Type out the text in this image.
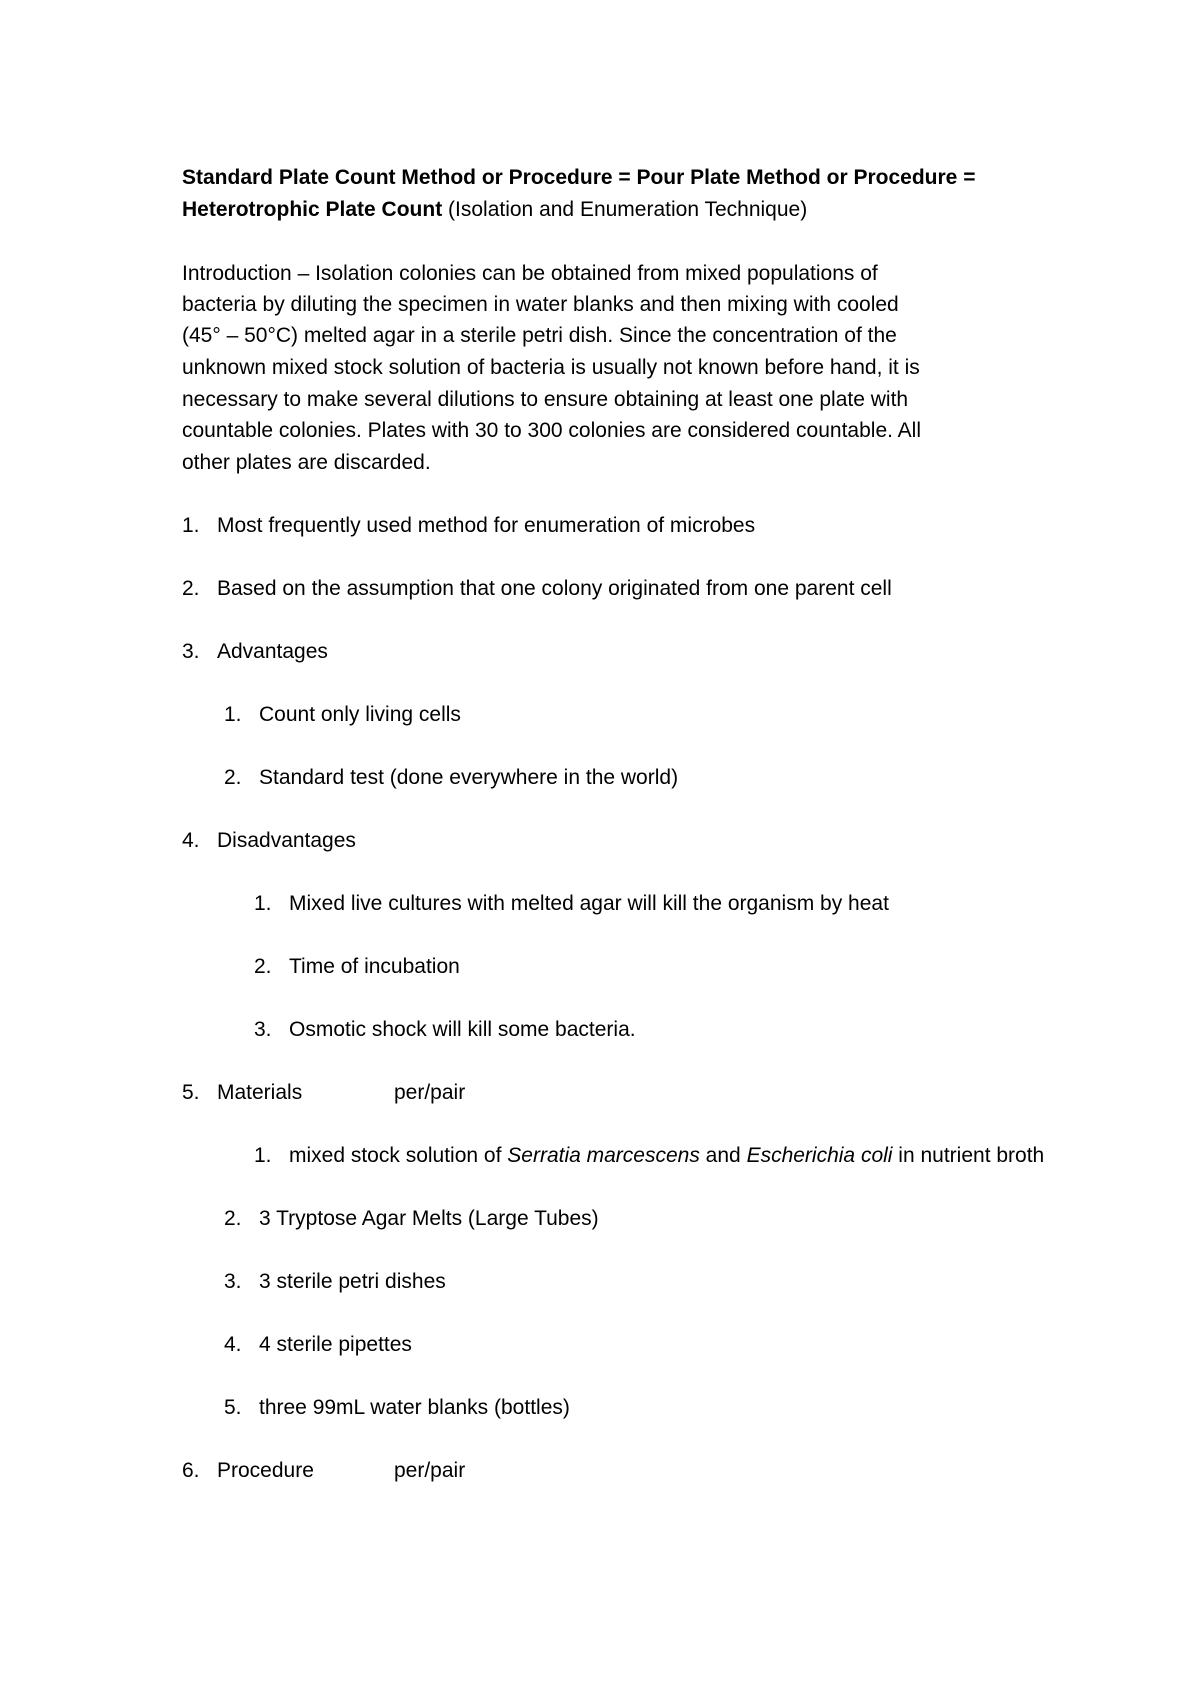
Standard Plate Count Method or Procedure = Pour Plate Method or Procedure =
Heterotrophic Plate Count (Isolation and Enumeration Technique)
Introduction – Isolation colonies can be obtained from mixed populations of
bacteria by diluting the specimen in water blanks and then mixing with cooled
(45° – 50°C) melted agar in a sterile petri dish. Since the concentration of the
unknown mixed stock solution of bacteria is usually not known before hand, it is
necessary to make several dilutions to ensure obtaining at least one plate with
countable colonies. Plates with 30 to 300 colonies are considered countable. All
other plates are discarded.
1. Most frequently used method for enumeration of microbes
2. Based on the assumption that one colony originated from one parent cell
3. Advantages
1. Count only living cells
2. Standard test (done everywhere in the world)
4. Disadvantages
1. Mixed live cultures with melted agar will kill the organism by heat
2. Time of incubation
3. Osmotic shock will kill some bacteria.
5. Materials	per/pair
1. mixed stock solution of Serratia marcescens and Escherichia coli in nutrient broth
2. 3 Tryptose Agar Melts (Large Tubes)
3. 3 sterile petri dishes
4. 4 sterile pipettes
5. three 99mL water blanks (bottles)
6. Procedure	per/pair
